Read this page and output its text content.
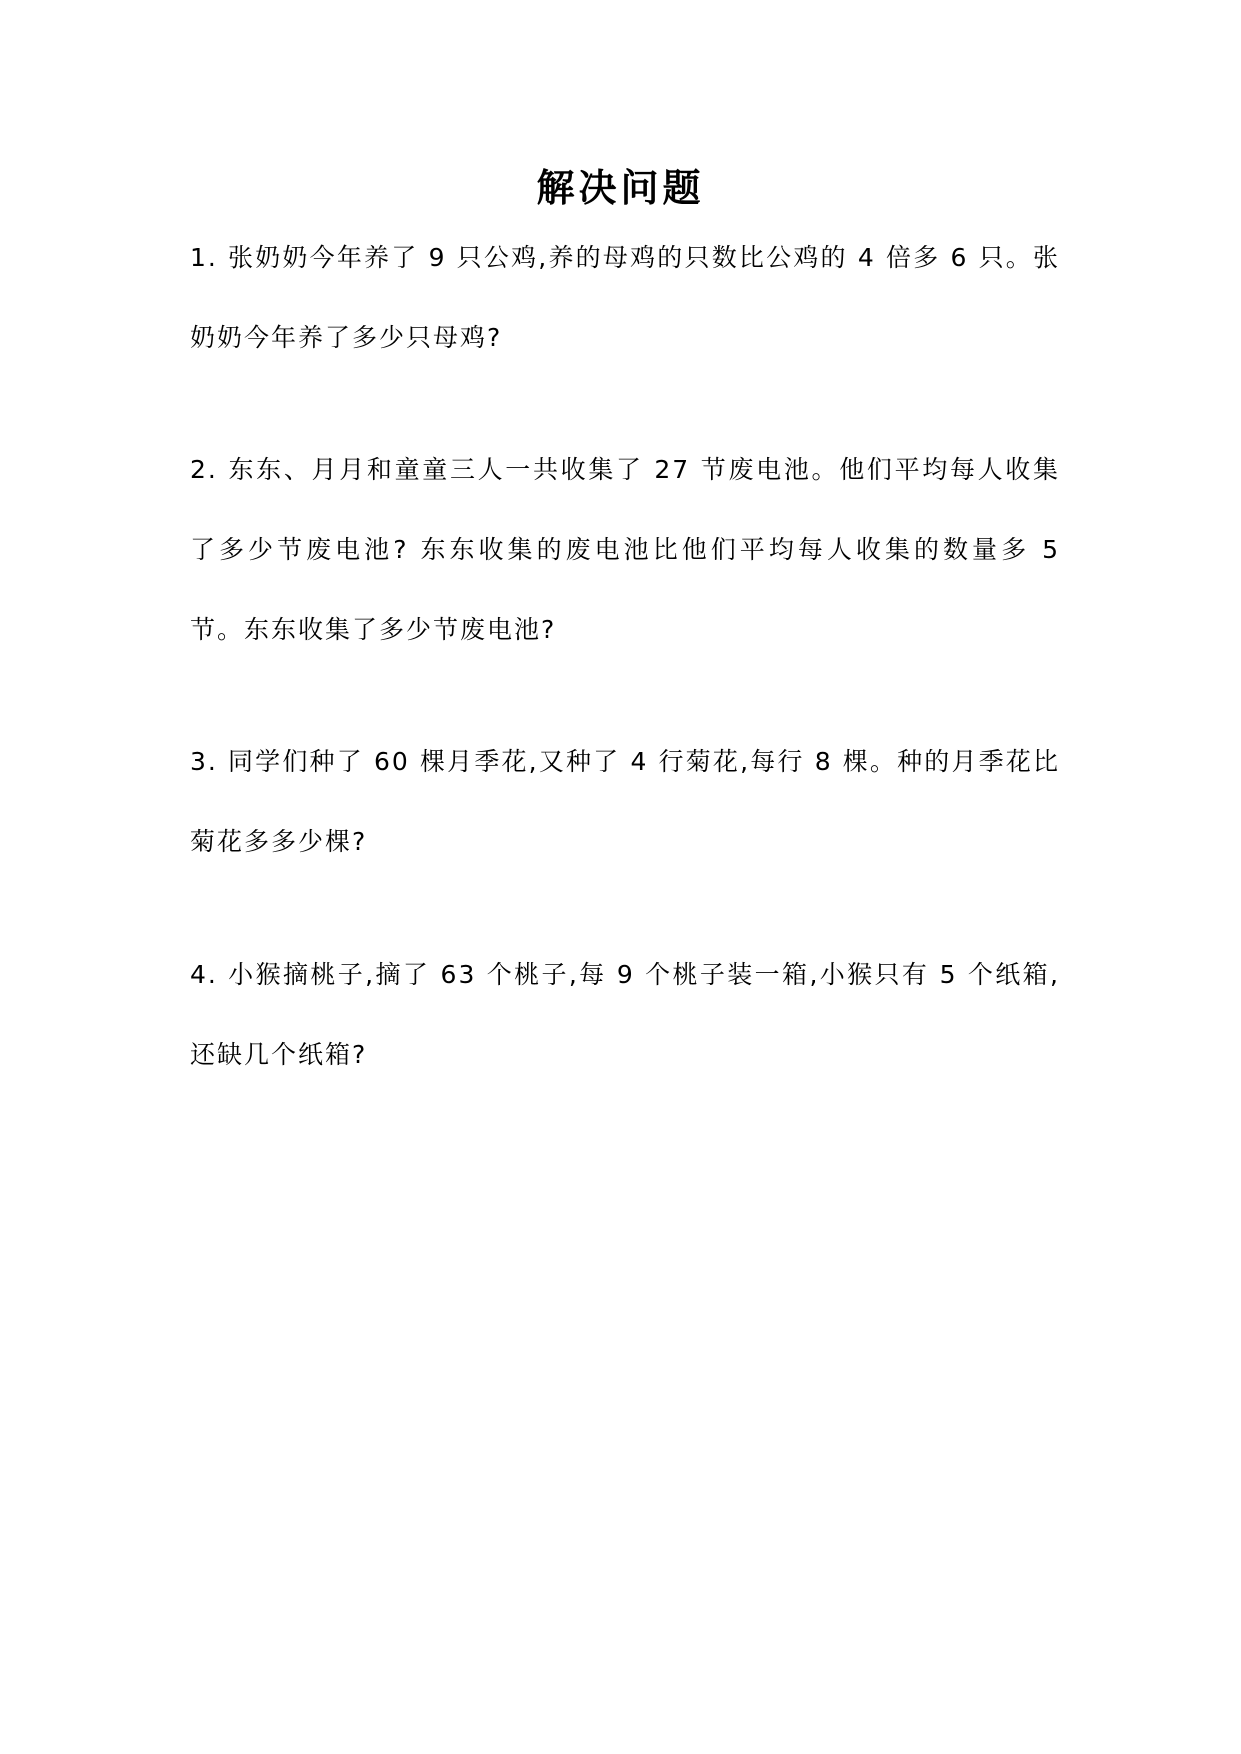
解决问题
1. 张奶奶今年养了 9 只公鸡,养的母鸡的只数比公鸡的 4 倍多 6 只。张奶奶今年养了多少只母鸡?
2. 东东、月月和童童三人一共收集了 27 节废电池。他们平均每人收集了多少节废电池? 东东收集的废电池比他们平均每人收集的数量多 5 节。东东收集了多少节废电池?
3. 同学们种了 60 棵月季花,又种了 4 行菊花,每行 8 棵。种的月季花比菊花多多少棵?
4. 小猴摘桃子,摘了 63 个桃子,每 9 个桃子装一箱,小猴只有 5 个纸箱,还缺几个纸箱?
